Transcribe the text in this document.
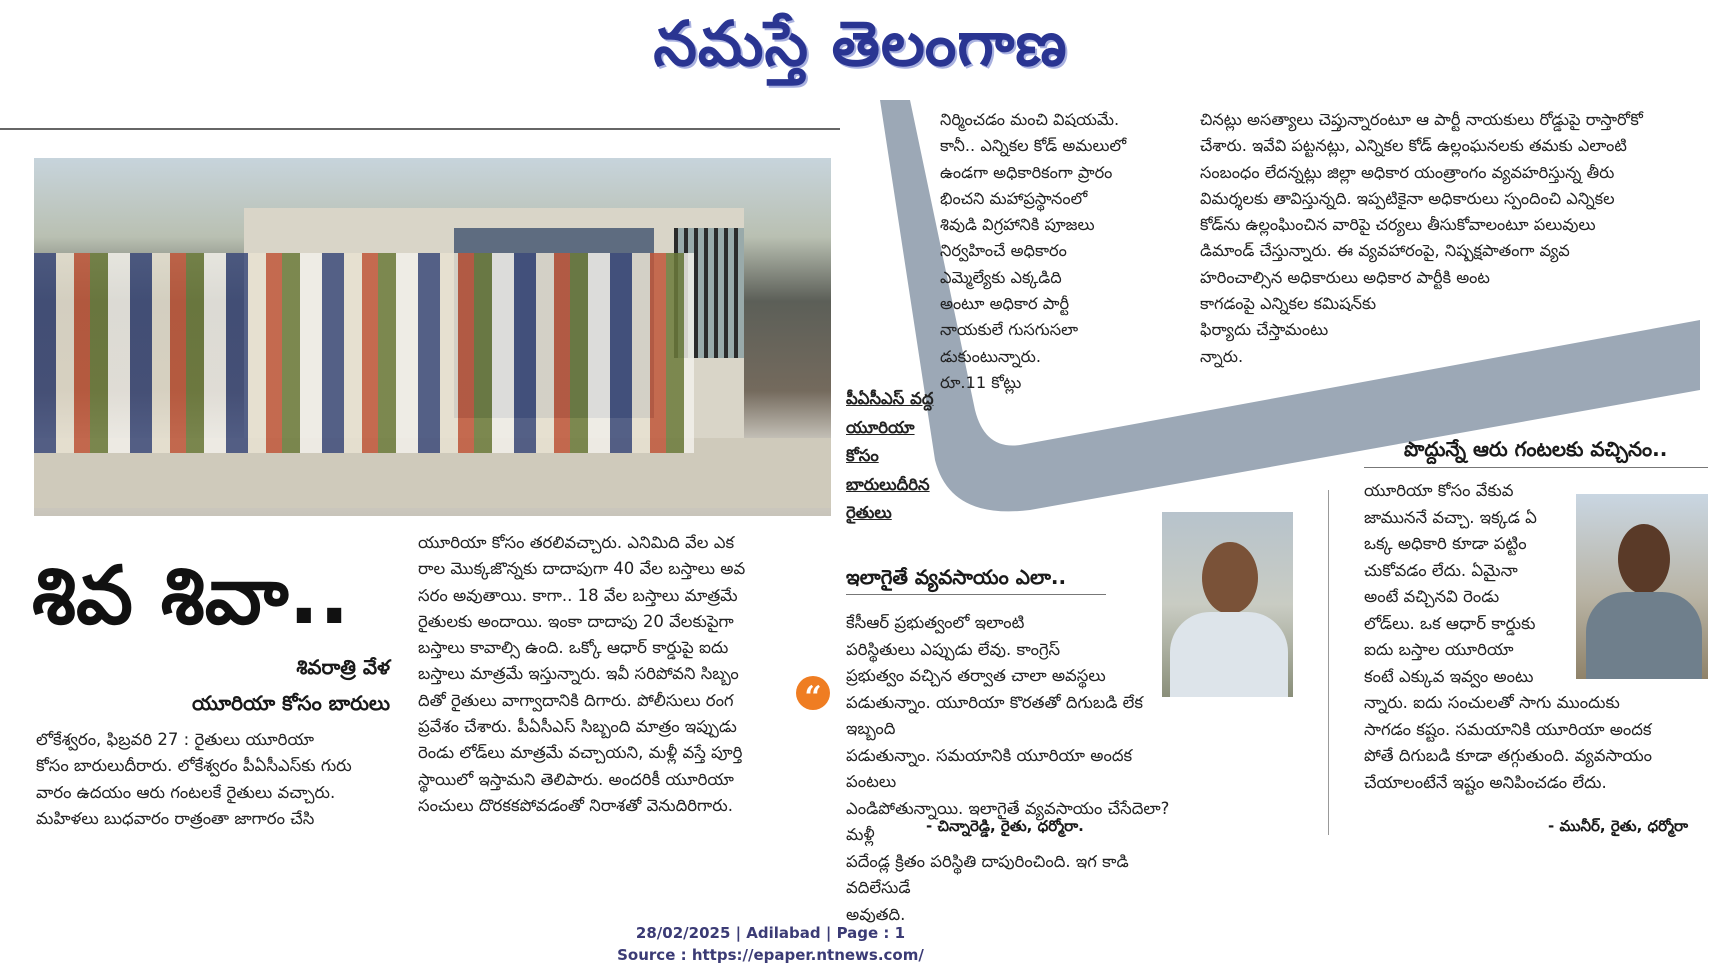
నమస్తే తెలంగాణ
పీఏసీఎస్‌ వద్ద
యూరియా
కోసం
బారులుదీరిన
రైతులు
శివ శివా..
శివరాత్రి వేళ
యూరియా కోసం బారులు
లోకేశ్వరం, ఫిబ్రవరి 27 : రైతులు యూరియా
కోసం బారులుదీరారు. లోకేశ్వరం పీఏసీఎస్‌కు గురు
వారం ఉదయం ఆరు గంటలకే రైతులు వచ్చారు.
మహిళలు బుధవారం రాత్రంతా జాగారం చేసి
యూరియా కోసం తరలివచ్చారు. ఎనిమిది వేల ఎక
రాల మొక్కజొన్నకు దాదాపుగా 40 వేల బస్తాలు అవ
సరం అవుతాయి. కాగా.. 18 వేల బస్తాలు మాత్రమే
రైతులకు అందాయి. ఇంకా దాదాపు 20 వేలకుపైగా
బస్తాలు కావాల్సి ఉంది. ఒక్కో ఆధార్‌ కార్డుపై ఐదు
బస్తాలు మాత్రమే ఇస్తున్నారు. ఇవీ సరిపోవని సిబ్బం
దితో రైతులు వాగ్వాదానికి దిగారు. పోలీసులు రంగ
ప్రవేశం చేశారు. పీఏసీఎస్‌ సిబ్బంది మాత్రం ఇప్పుడు
రెండు లోడ్‌లు మాత్రమే వచ్చాయని, మళ్లీ వస్తే పూర్తి
స్థాయిలో ఇస్తామని తెలిపారు. అందరికీ యూరియా
సంచులు దొరకకపోవడంతో నిరాశతో వెనుదిరిగారు.
నిర్మించడం మంచి విషయమే.
కానీ.. ఎన్నికల కోడ్‌ అమలులో
ఉండగా అధికారికంగా ప్రారం
భించని మహాప్రస్థానంలో
శివుడి విగ్రహానికి పూజలు
నిర్వహించే అధికారం
ఎమ్మెల్యేకు ఎక్కడిది
అంటూ అధికార పార్టీ
నాయకులే గుసగుసలా
డుకుంటున్నారు.
రూ.11 కోట్లు
చినట్లు అసత్యాలు చెప్తున్నారంటూ ఆ పార్టీ నాయకులు రోడ్డుపై రాస్తారోకో
చేశారు. ఇవేవి పట్టనట్లు, ఎన్నికల కోడ్‌ ఉల్లంఘనలకు తమకు ఎలాంటి
సంబంధం లేదన్నట్లు జిల్లా అధికార యంత్రాంగం వ్యవహరిస్తున్న తీరు
విమర్శలకు తావిస్తున్నది. ఇప్పటికైనా అధికారులు స్పందించి ఎన్నికల
కోడ్‌ను ఉల్లంఘించిన వారిపై చర్యలు తీసుకోవాలంటూ పలువులు
డిమాండ్‌ చేస్తున్నారు. ఈ వ్యవహారంపై, నిష్పక్షపాతంగా వ్యవ
హరించాల్సిన అధికారులు అధికార పార్టీకి అంట
కాగడంపై ఎన్నికల కమిషన్‌కు
ఫిర్యాదు చేస్తామంటు
న్నారు.
ఇలాగైతే వ్యవసాయం ఎలా..
“
కేసీఆర్‌ ప్రభుత్వంలో ఇలాంటి
పరిస్థితులు ఎప్పుడు లేవు. కాంగ్రెస్‌
ప్రభుత్వం వచ్చిన తర్వాత చాలా అవస్థలు
పడుతున్నాం. యూరియా కొరతతో దిగుబడి లేక ఇబ్బంది
పడుతున్నాం. సమయానికి యూరియా అందక పంటలు
ఎండిపోతున్నాయి. ఇలాగైతే వ్యవసాయం చేసేదెలా? మళ్లీ
పదేండ్ల క్రితం పరిస్థితి దాపురించింది. ఇగ కాడి వదిలేసుడే
అవుతది.
- చిన్నారెడ్డి, రైతు, ధర్మోరా.
పొద్దున్నే ఆరు గంటలకు వచ్చినం..
యూరియా కోసం వేకువ
జాముననే వచ్చా. ఇక్కడ ఏ
ఒక్క అధికారి కూడా పట్టిం
చుకోవడం లేదు. ఏమైనా
అంటే వచ్చినవి రెండు
లోడ్‌లు. ఒక ఆధార్‌ కార్డుకు
ఐదు బస్తాల యూరియా
కంటే ఎక్కువ ఇవ్వం అంటు
న్నారు. ఐదు సంచులతో సాగు ముందుకు
సాగడం కష్టం. సమయానికి యూరియా అందక
పోతే దిగుబడి కూడా తగ్గుతుంది. వ్యవసాయం
చేయాలంటేనే ఇష్టం అనిపించడం లేదు.
- మునీర్‌, రైతు, ధర్మోరా
28/02/2025 | Adilabad | Page : 1
Source : https://epaper.ntnews.com/
